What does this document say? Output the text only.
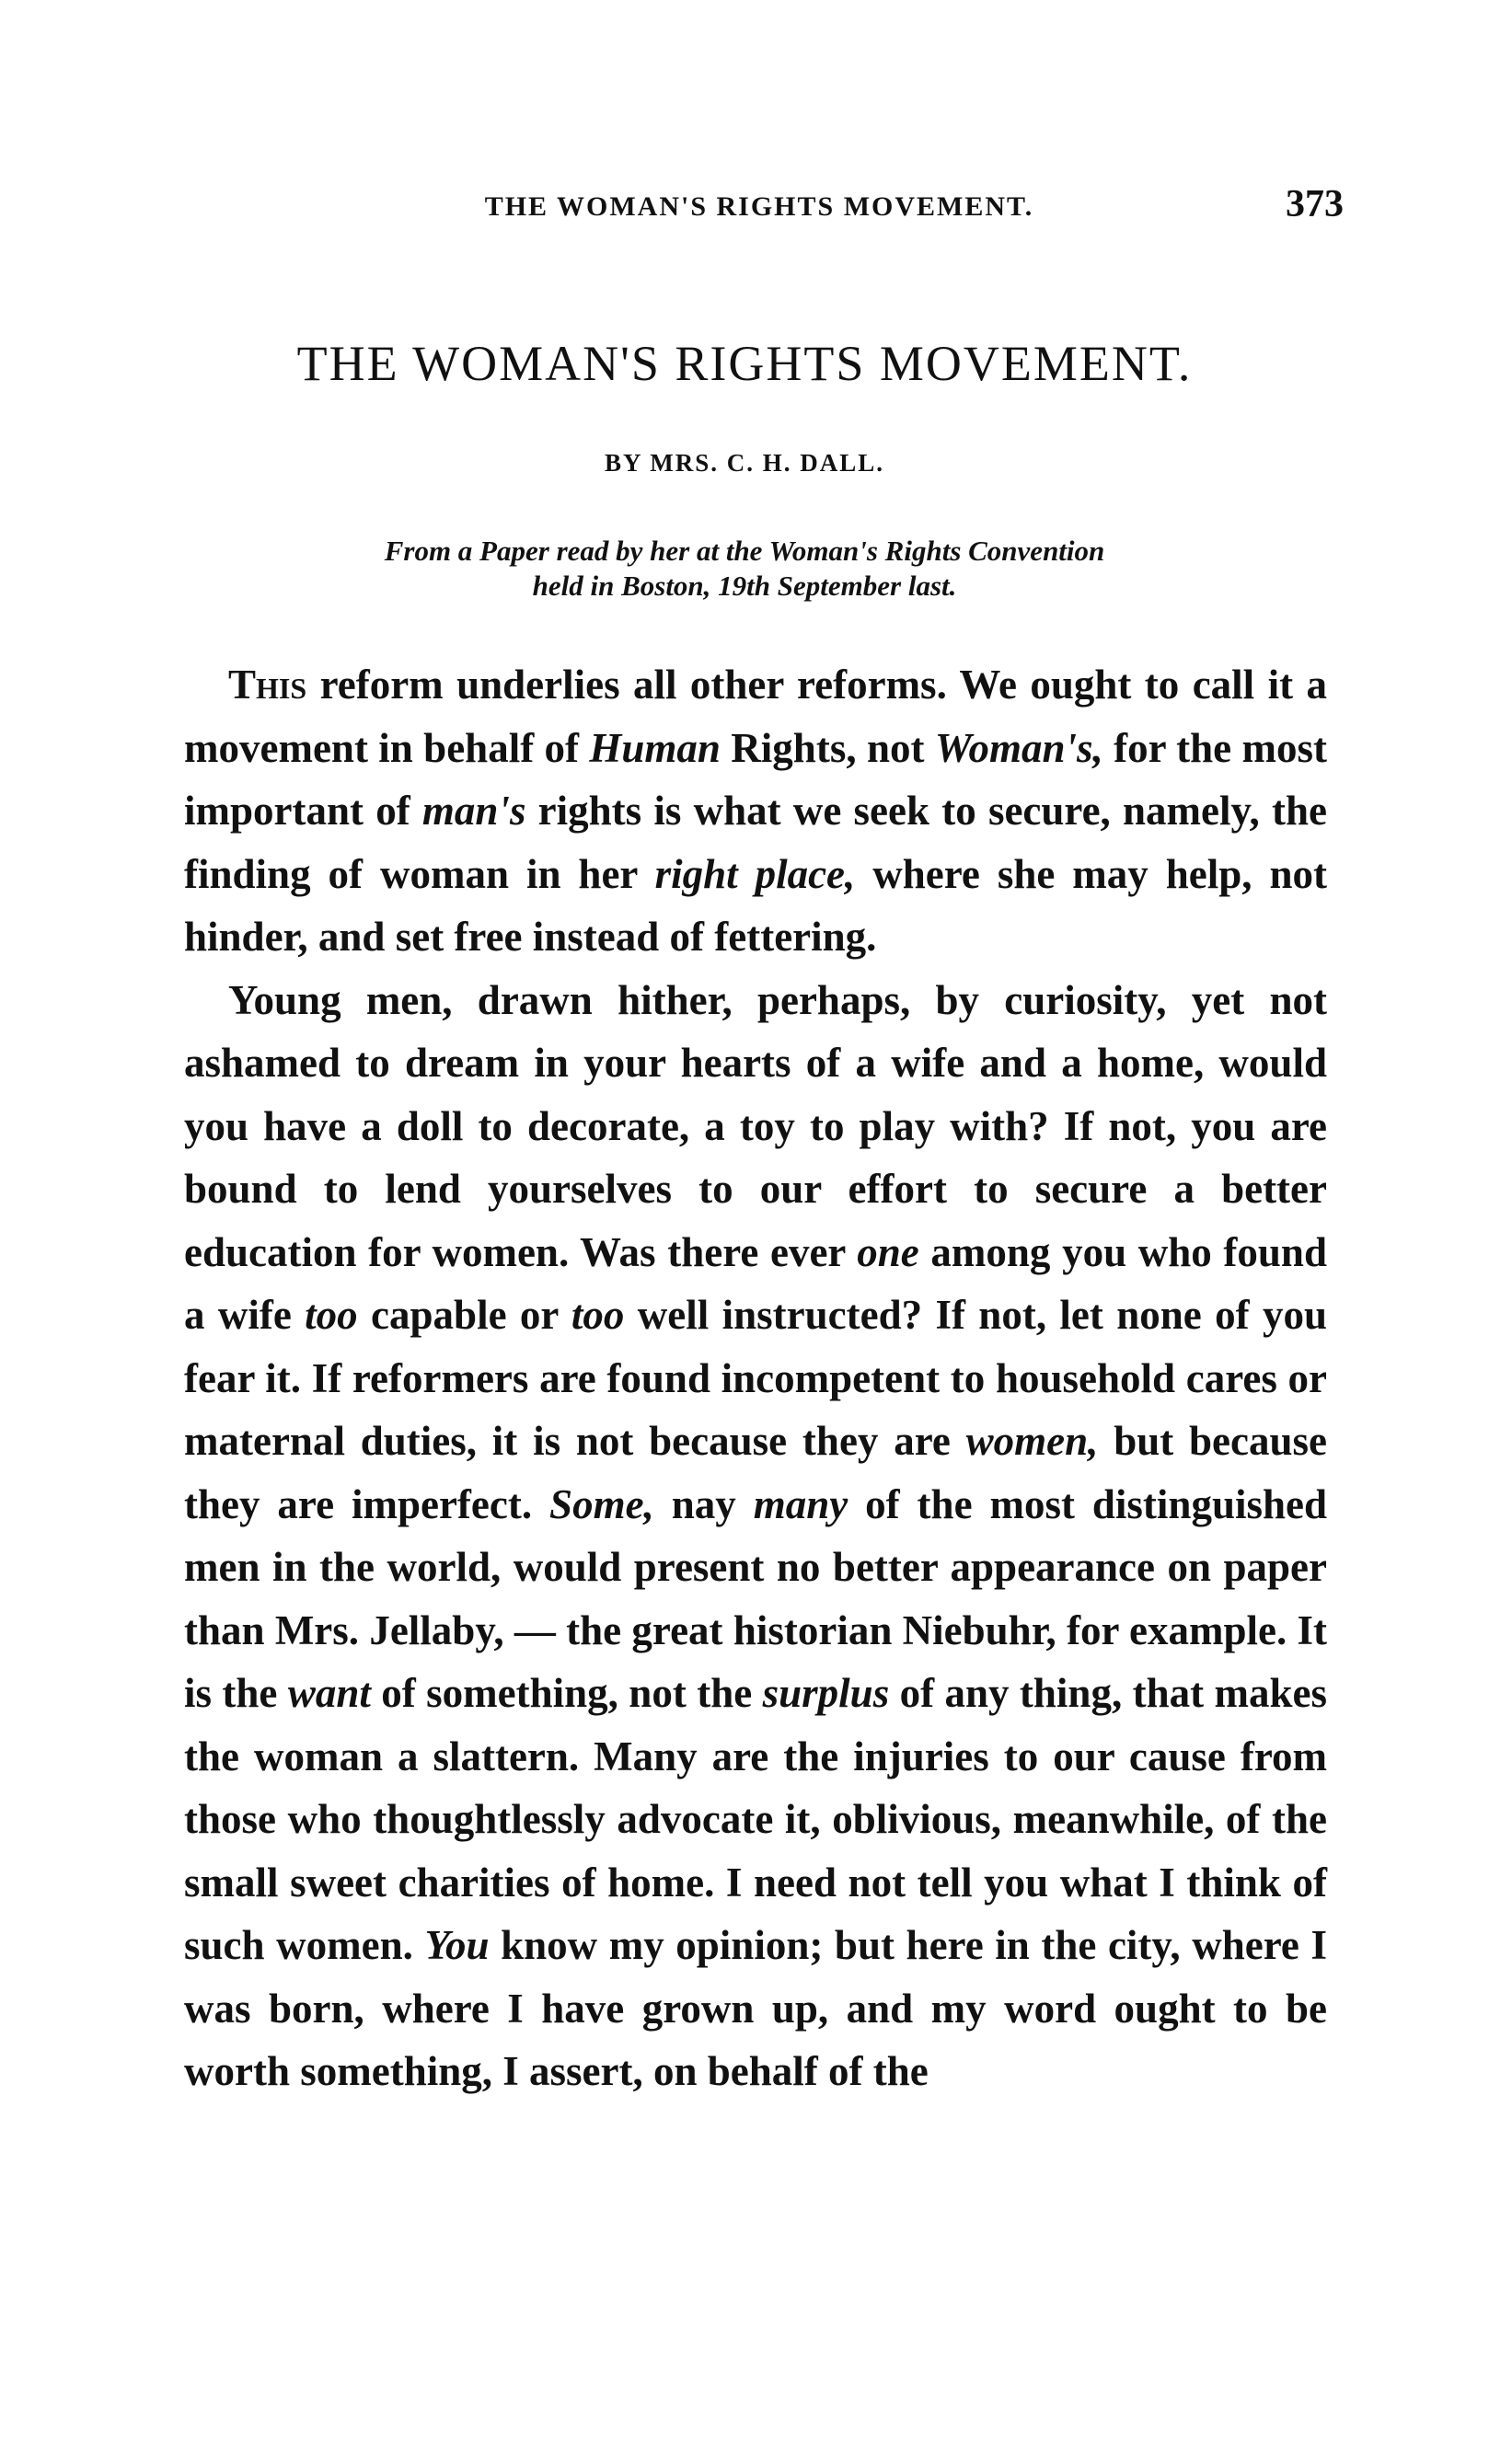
THE WOMAN'S RIGHTS MOVEMENT.	373
THE WOMAN'S RIGHTS MOVEMENT.
BY MRS. C. H. DALL.
From a Paper read by her at the Woman's Rights Convention
held in Boston, 19th September last.

This reform underlies all other reforms. We ought to call it a movement in behalf of Human Rights, not Woman's, for the most important of man's rights is what we seek to secure, namely, the finding of woman in her right place, where she may help, not hinder, and set free instead of fettering.

Young men, drawn hither, perhaps, by curiosity, yet not ashamed to dream in your hearts of a wife and a home, would you have a doll to decorate, a toy to play with? If not, you are bound to lend yourselves to our effort to secure a better education for women. Was there ever one among you who found a wife too capable or too well instructed? If not, let none of you fear it. If reformers are found incompetent to household cares or maternal duties, it is not because they are women, but because they are imperfect. Some, nay many of the most distinguished men in the world, would present no better appearance on paper than Mrs. Jellaby, — the great historian Niebuhr, for example. It is the want of something, not the surplus of any thing, that makes the woman a slattern. Many are the injuries to our cause from those who thoughtlessly advocate it, oblivious, meanwhile, of the small sweet charities of home. I need not tell you what I think of such women. You know my opinion; but here in the city, where I was born, where I have grown up, and my word ought to be worth something, I assert, on behalf of the
